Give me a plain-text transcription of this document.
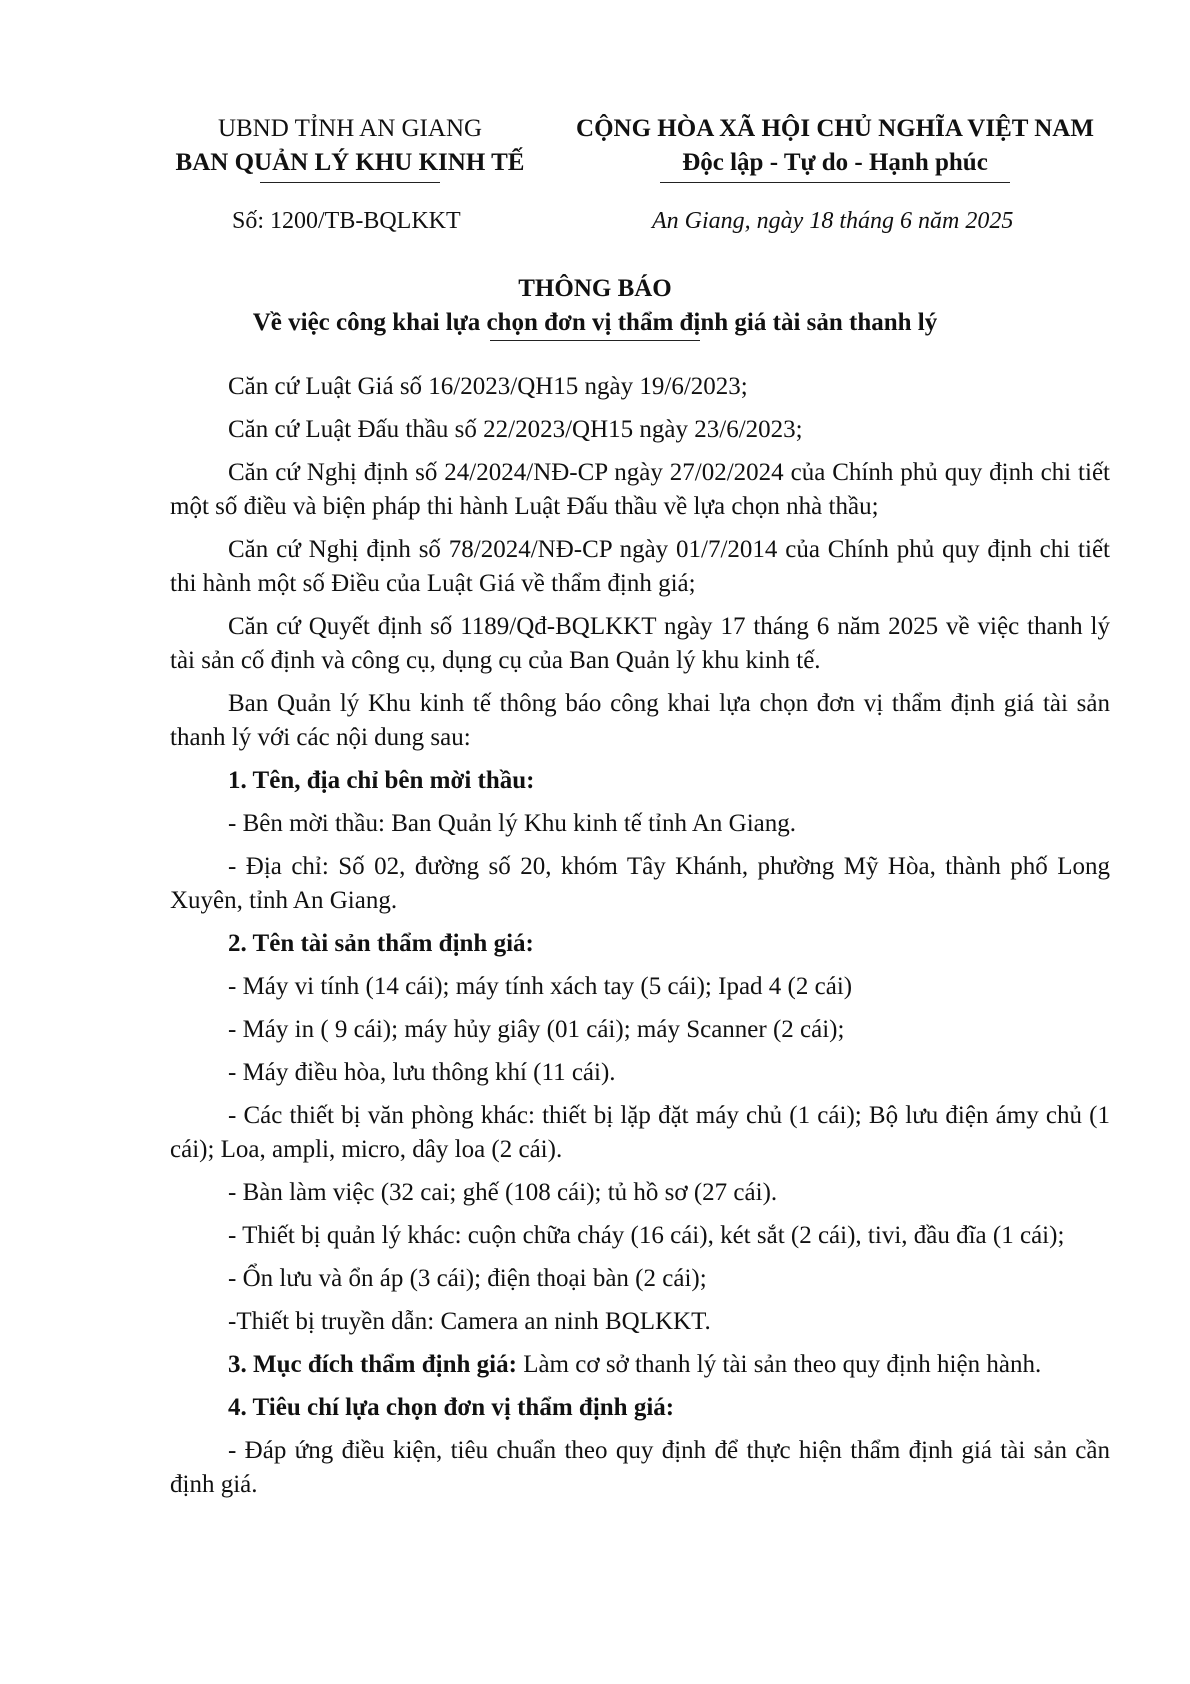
UBND TỈNH AN GIANG
BAN QUẢN LÝ KHU KINH TẾ
CỘNG HÒA XÃ HỘI CHỦ NGHĨA VIỆT NAM
Độc lập - Tự do - Hạnh phúc
Số: 1200/TB-BQLKKT	An Giang, ngày 18 tháng 6 năm 2025
THÔNG BÁO
Về việc công khai lựa chọn đơn vị thẩm định giá tài sản thanh lý

Căn cứ Luật Giá số 16/2023/QH15 ngày 19/6/2023;

Căn cứ Luật Đấu thầu số 22/2023/QH15 ngày 23/6/2023;

Căn cứ Nghị định số 24/2024/NĐ-CP ngày 27/02/2024 của Chính phủ quy định chi tiết một số điều và biện pháp thi hành Luật Đấu thầu về lựa chọn nhà thầu;

Căn cứ Nghị định số 78/2024/NĐ-CP ngày 01/7/2014 của Chính phủ quy định chi tiết thi hành một số Điều của Luật Giá về thẩm định giá;

Căn cứ Quyết định số 1189/Qđ-BQLKKT ngày 17 tháng 6 năm 2025 về việc thanh lý tài sản cố định và công cụ, dụng cụ của Ban Quản lý khu kinh tế.

Ban Quản lý Khu kinh tế thông báo công khai lựa chọn đơn vị thẩm định giá tài sản thanh lý với các nội dung sau:

1. Tên, địa chỉ bên mời thầu:

- Bên mời thầu: Ban Quản lý Khu kinh tế tỉnh An Giang.

- Địa chỉ: Số 02, đường số 20, khóm Tây Khánh, phường Mỹ Hòa, thành phố Long Xuyên, tỉnh An Giang.

2. Tên tài sản thẩm định giá:

- Máy vi tính (14 cái); máy tính xách tay (5 cái); Ipad 4 (2 cái)

- Máy in ( 9 cái); máy hủy giây (01 cái); máy Scanner (2 cái);

- Máy điều hòa, lưu thông khí (11 cái).

- Các thiết bị văn phòng khác: thiết bị lặp đặt máy chủ (1 cái); Bộ lưu điện ámy chủ (1 cái); Loa, ampli, micro, dây loa (2 cái).

- Bàn làm việc (32 cai; ghế (108 cái); tủ hồ sơ (27 cái).

- Thiết bị quản lý khác: cuộn chữa cháy (16 cái), két sắt (2 cái), tivi, đầu đĩa (1 cái);

- Ổn lưu và ổn áp (3 cái); điện thoại bàn (2 cái);

-Thiết bị truyền dẫn: Camera an ninh BQLKKT.

3. Mục đích thẩm định giá: Làm cơ sở thanh lý tài sản theo quy định hiện hành.

4. Tiêu chí lựa chọn đơn vị thẩm định giá:

- Đáp ứng điều kiện, tiêu chuẩn theo quy định để thực hiện thẩm định giá tài sản cần định giá.
